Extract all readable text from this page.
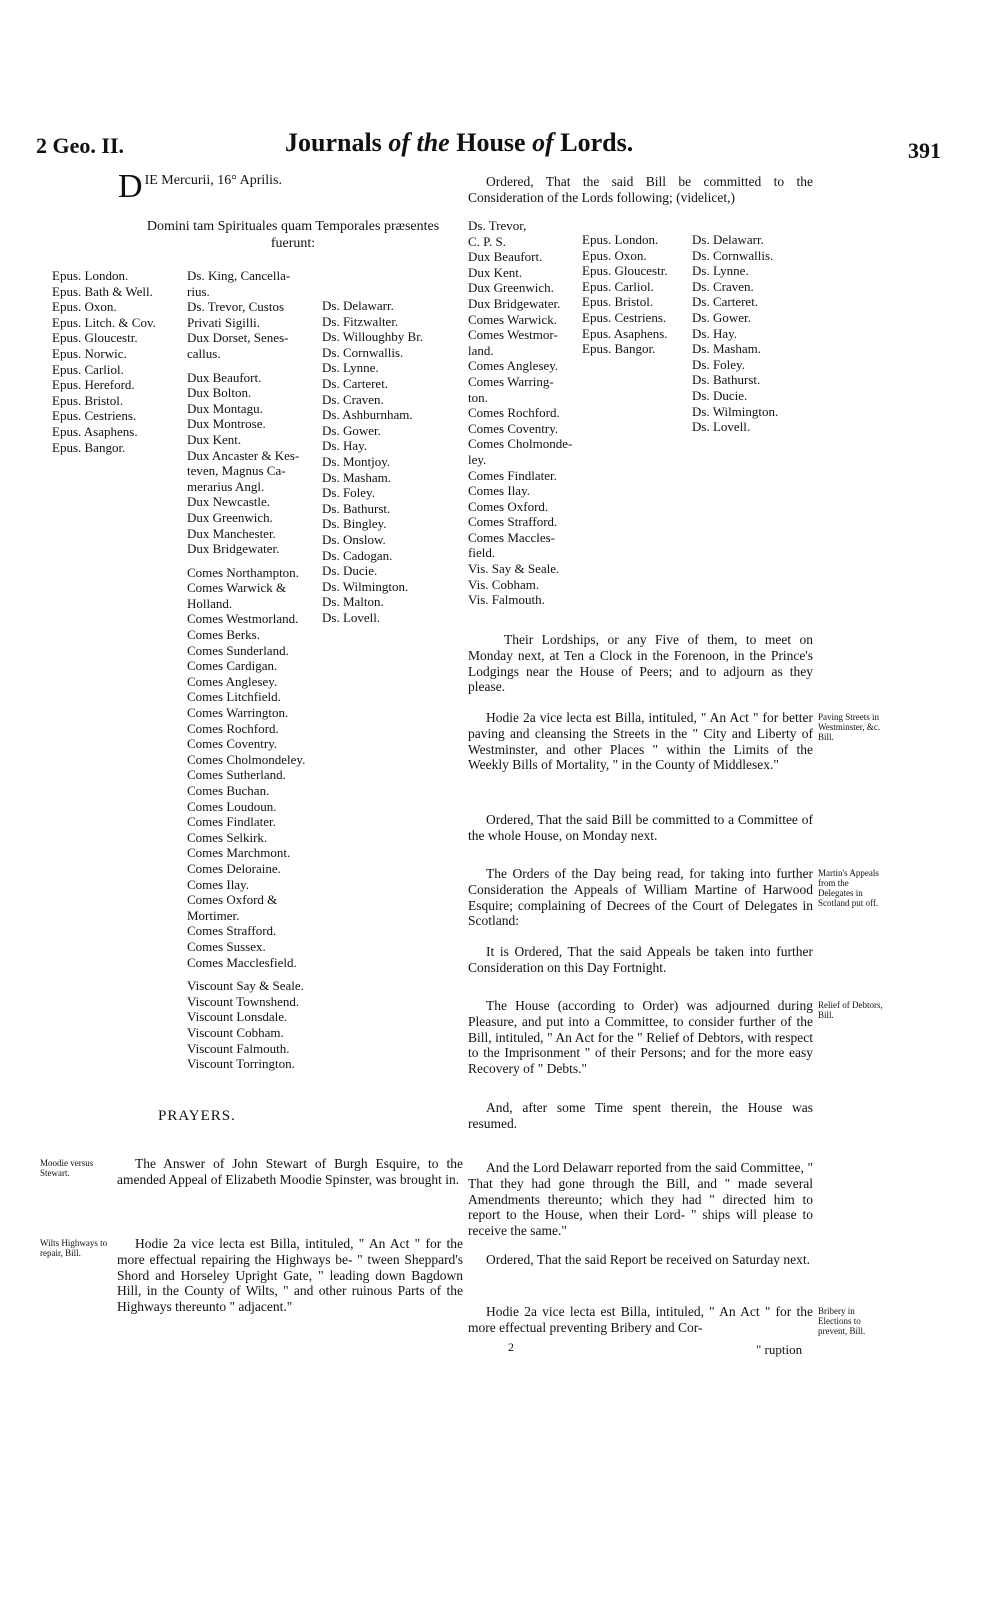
2 Geo. II.	Journals of the House of Lords.	391
DIE Mercurii, 16° Aprilis.
Domini tam Spirituales quam Temporales præsentes fuerunt:
Epus. London.
Epus. Bath & Well.
Epus. Oxon.
Epus. Litch. & Cov.
Epus. Gloucestr.
Epus. Norwic.
Epus. Carliol.
Epus. Hereford.
Epus. Bristol.
Epus. Cestriens.
Epus. Asaphens.
Epus. Bangor.
Ds. King, Cancella-
rius.
Ds. Trevor, Custos
Privati Sigilli.
Dux Dorset, Senes-
callus.
Dux Beaufort.
Dux Bolton.
Dux Montagu.
Dux Montrose.
Dux Kent.
Dux Ancaster & Kes-
teven, Magnus Ca-
merarius Angl.
Dux Newcastle.
Dux Greenwich.
Dux Manchester.
Dux Bridgewater.
Comes Northampton.
Comes Warwick &
Holland.
Comes Westmorland.
Comes Berks.
Comes Sunderland.
Comes Cardigan.
Comes Anglesey.
Comes Litchfield.
Comes Warrington.
Comes Rochford.
Comes Coventry.
Comes Cholmondeley.
Comes Sutherland.
Comes Buchan.
Comes Loudoun.
Comes Findlater.
Comes Selkirk.
Comes Marchmont.
Comes Deloraine.
Comes Ilay.
Comes Oxford &
Mortimer.
Comes Strafford.
Comes Sussex.
Comes Macclesfield.
Viscount Say & Seale.
Viscount Townshend.
Viscount Lonsdale.
Viscount Cobham.
Viscount Falmouth.
Viscount Torrington.
Ds. Delawarr.
Ds. Fitzwalter.
Ds. Willoughby Br.
Ds. Cornwallis.
Ds. Lynne.
Ds. Carteret.
Ds. Craven.
Ds. Ashburnham.
Ds. Gower.
Ds. Hay.
Ds. Montjoy.
Ds. Masham.
Ds. Foley.
Ds. Bathurst.
Ds. Bingley.
Ds. Onslow.
Ds. Cadogan.
Ds. Ducie.
Ds. Wilmington.
Ds. Malton.
Ds. Lovell.
PRAYERS.
Moodie versus Stewart.
The Answer of John Stewart of Burgh Esquire, to the amended Appeal of Elizabeth Moodie Spinster, was brought in.
Wilts Highways to repair, Bill.
Hodie 2a vice lecta est Billa, intituled, " An Act " for the more effectual repairing the Highways be- " tween Sheppard's Shord and Horseley Upright Gate, " leading down Bagdown Hill, in the County of Wilts, " and other ruinous Parts of the Highways thereunto " adjacent."
Ordered, That the said Bill be committed to the Consideration of the Lords following; (videlicet,)
Ds. Trevor,
C. P. S.
Dux Beaufort.
Dux Kent.
Dux Greenwich.
Dux Bridgewater.
Comes Warwick.
Comes Westmor-
land.
Comes Anglesey.
Comes Warring-
ton.
Comes Rochford.
Comes Coventry.
Comes Cholmonde-
ley.
Comes Findlater.
Comes Ilay.
Comes Oxford.
Comes Strafford.
Comes Maccles-
field.
Vis. Say & Seale.
Vis. Cobham.
Vis. Falmouth.
Epus. London.
Epus. Oxon.
Epus. Gloucestr.
Epus. Carliol.
Epus. Bristol.
Epus. Cestriens.
Epus. Asaphens.
Epus. Bangor.
Ds. Delawarr.
Ds. Cornwallis.
Ds. Lynne.
Ds. Craven.
Ds. Carteret.
Ds. Gower.
Ds. Hay.
Ds. Masham.
Ds. Foley.
Ds. Bathurst.
Ds. Ducie.
Ds. Wilmington.
Ds. Lovell.
Their Lordships, or any Five of them, to meet on Monday next, at Ten a Clock in the Forenoon, in the Prince's Lodgings near the House of Peers; and to adjourn as they please.
Hodie 2a vice lecta est Billa, intituled, " An Act " for better paving and cleansing the Streets in the " City and Liberty of Westminster, and other Places " within the Limits of the Weekly Bills of Mortality, " in the County of Middlesex."
Paving Streets in Westminster, &c. Bill.
Ordered, That the said Bill be committed to a Committee of the whole House, on Monday next.
The Orders of the Day being read, for taking into further Consideration the Appeals of William Martine of Harwood Esquire; complaining of Decrees of the Court of Delegates in Scotland:
Martin's Appeals from the Delegates in Scotland put off.
It is Ordered, That the said Appeals be taken into further Consideration on this Day Fortnight.
The House (according to Order) was adjourned during Pleasure, and put into a Committee, to consider further of the Bill, intituled, " An Act for the " Relief of Debtors, with respect to the Imprisonment " of their Persons; and for the more easy Recovery of " Debts."
Relief of Debtors, Bill.
And, after some Time spent therein, the House was resumed.
And the Lord Delawarr reported from the said Committee, " That they had gone through the Bill, and " made several Amendments thereunto; which they had " directed him to report to the House, when their Lord- " ships will please to receive the same."
Ordered, That the said Report be received on Saturday next.
Hodie 2a vice lecta est Billa, intituled, " An Act " for the more effectual preventing Bribery and Cor-
Bribery in Elections to prevent, Bill.
2	" ruption
